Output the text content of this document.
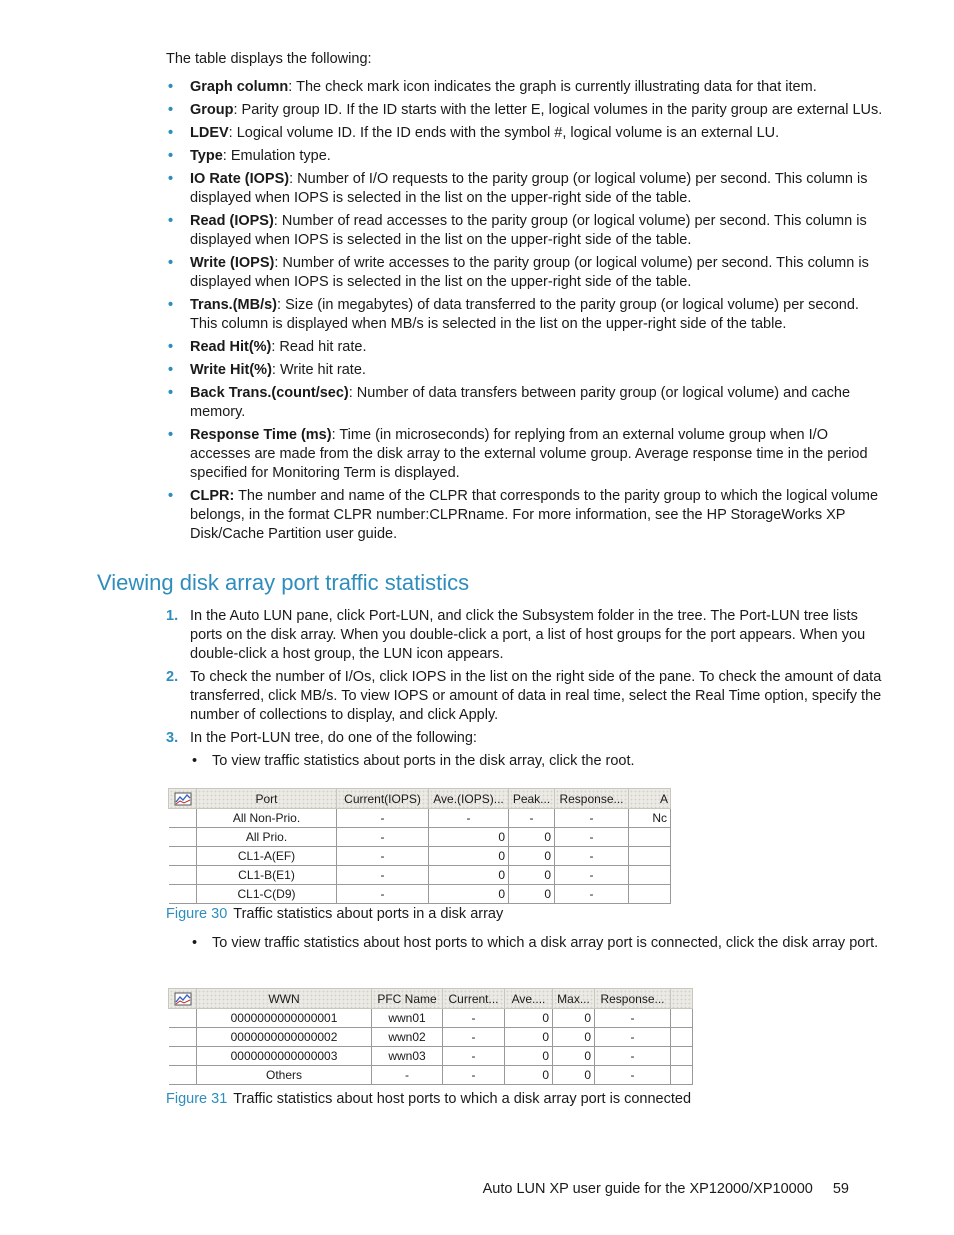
The table displays the following:
• Graph column: The check mark icon indicates the graph is currently illustrating data for that item.
• Group: Parity group ID. If the ID starts with the letter E, logical volumes in the parity group are external LUs.
• LDEV: Logical volume ID. If the ID ends with the symbol #, logical volume is an external LU.
• Type: Emulation type.
• IO Rate (IOPS): Number of I/O requests to the parity group (or logical volume) per second. This column is displayed when IOPS is selected in the list on the upper-right side of the table.
• Read (IOPS): Number of read accesses to the parity group (or logical volume) per second. This column is displayed when IOPS is selected in the list on the upper-right side of the table.
• Write (IOPS): Number of write accesses to the parity group (or logical volume) per second. This column is displayed when IOPS is selected in the list on the upper-right side of the table.
• Trans.(MB/s): Size (in megabytes) of data transferred to the parity group (or logical volume) per second. This column is displayed when MB/s is selected in the list on the upper-right side of the table.
• Read Hit(%): Read hit rate.
• Write Hit(%): Write hit rate.
• Back Trans.(count/sec): Number of data transfers between parity group (or logical volume) and cache memory.
• Response Time (ms): Time (in microseconds) for replying from an external volume group when I/O accesses are made from the disk array to the external volume group. Average response time in the period specified for Monitoring Term is displayed.
• CLPR: The number and name of the CLPR that corresponds to the parity group to which the logical volume belongs, in the format CLPR number:CLPRname. For more information, see the HP StorageWorks XP Disk/Cache Partition user guide.
Viewing disk array port traffic statistics
1. In the Auto LUN pane, click Port-LUN, and click the Subsystem folder in the tree. The Port-LUN tree lists ports on the disk array. When you double-click a port, a list of host groups for the port appears. When you double-click a host group, the LUN icon appears.
2. To check the number of I/Os, click IOPS in the list on the right side of the pane. To check the amount of data transferred, click MB/s. To view IOPS or amount of data in real time, select the Real Time option, specify the number of collections to display, and click Apply.
3. In the Port-LUN tree, do one of the following:
• To view traffic statistics about ports in the disk array, click the root.
	Port	Current(IOPS)	Ave.(IOPS)...	Peak...	Response...	A
	All Non-Prio.	-	-	-	-	Nc
	All Prio.	-	0	0	-	
	CL1-A(EF)	-	0	0	-	
	CL1-B(E1)	-	0	0	-	
	CL1-C(D9)	-	0	0	-	
Figure 30 Traffic statistics about ports in a disk array
• To view traffic statistics about host ports to which a disk array port is connected, click the disk array port.
	WWN	PFC Name	Current...	Ave....	Max...	Response...	
	0000000000000001	wwn01	-	0	0	-	
	0000000000000002	wwn02	-	0	0	-	
	0000000000000003	wwn03	-	0	0	-	
	Others	-	-	0	0	-	
Figure 31 Traffic statistics about host ports to which a disk array port is connected
Auto LUN XP user guide for the XP12000/XP10000 59
